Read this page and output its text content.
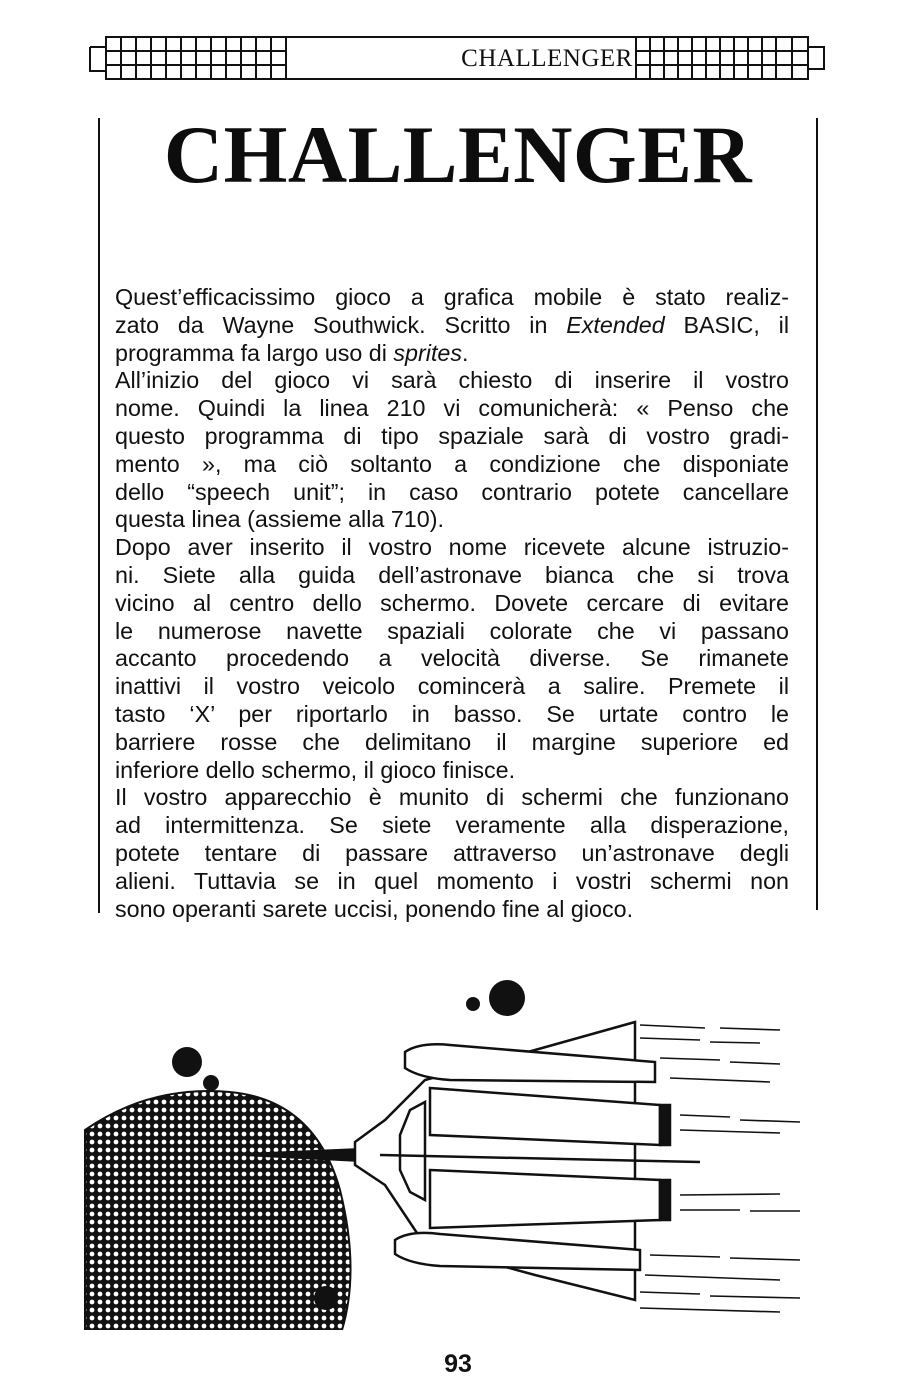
CHALLENGER
CHALLENGER
Quest’efficacissimo gioco a grafica mobile è stato realiz-
zato da Wayne Southwick. Scritto in Extended BASIC, il
programma fa largo uso di sprites.
All’inizio del gioco vi sarà chiesto di inserire il vostro
nome. Quindi la linea 210 vi comunicherà: « Penso che
questo programma di tipo spaziale sarà di vostro gradi-
mento », ma ciò soltanto a condizione che disponiate
dello “speech unit”; in caso contrario potete cancellare
questa linea (assieme alla 710).
Dopo aver inserito il vostro nome ricevete alcune istruzio-
ni. Siete alla guida dell’astronave bianca che si trova
vicino al centro dello schermo. Dovete cercare di evitare
le numerose navette spaziali colorate che vi passano
accanto procedendo a velocità diverse. Se rimanete
inattivi il vostro veicolo comincerà a salire. Premete il
tasto ‘X’ per riportarlo in basso. Se urtate contro le
barriere rosse che delimitano il margine superiore ed
inferiore dello schermo, il gioco finisce.
Il vostro apparecchio è munito di schermi che funzionano
ad intermittenza. Se siete veramente alla disperazione,
potete tentare di passare attraverso un’astronave degli
alieni. Tuttavia se in quel momento i vostri schermi non
sono operanti sarete uccisi, ponendo fine al gioco.
93
